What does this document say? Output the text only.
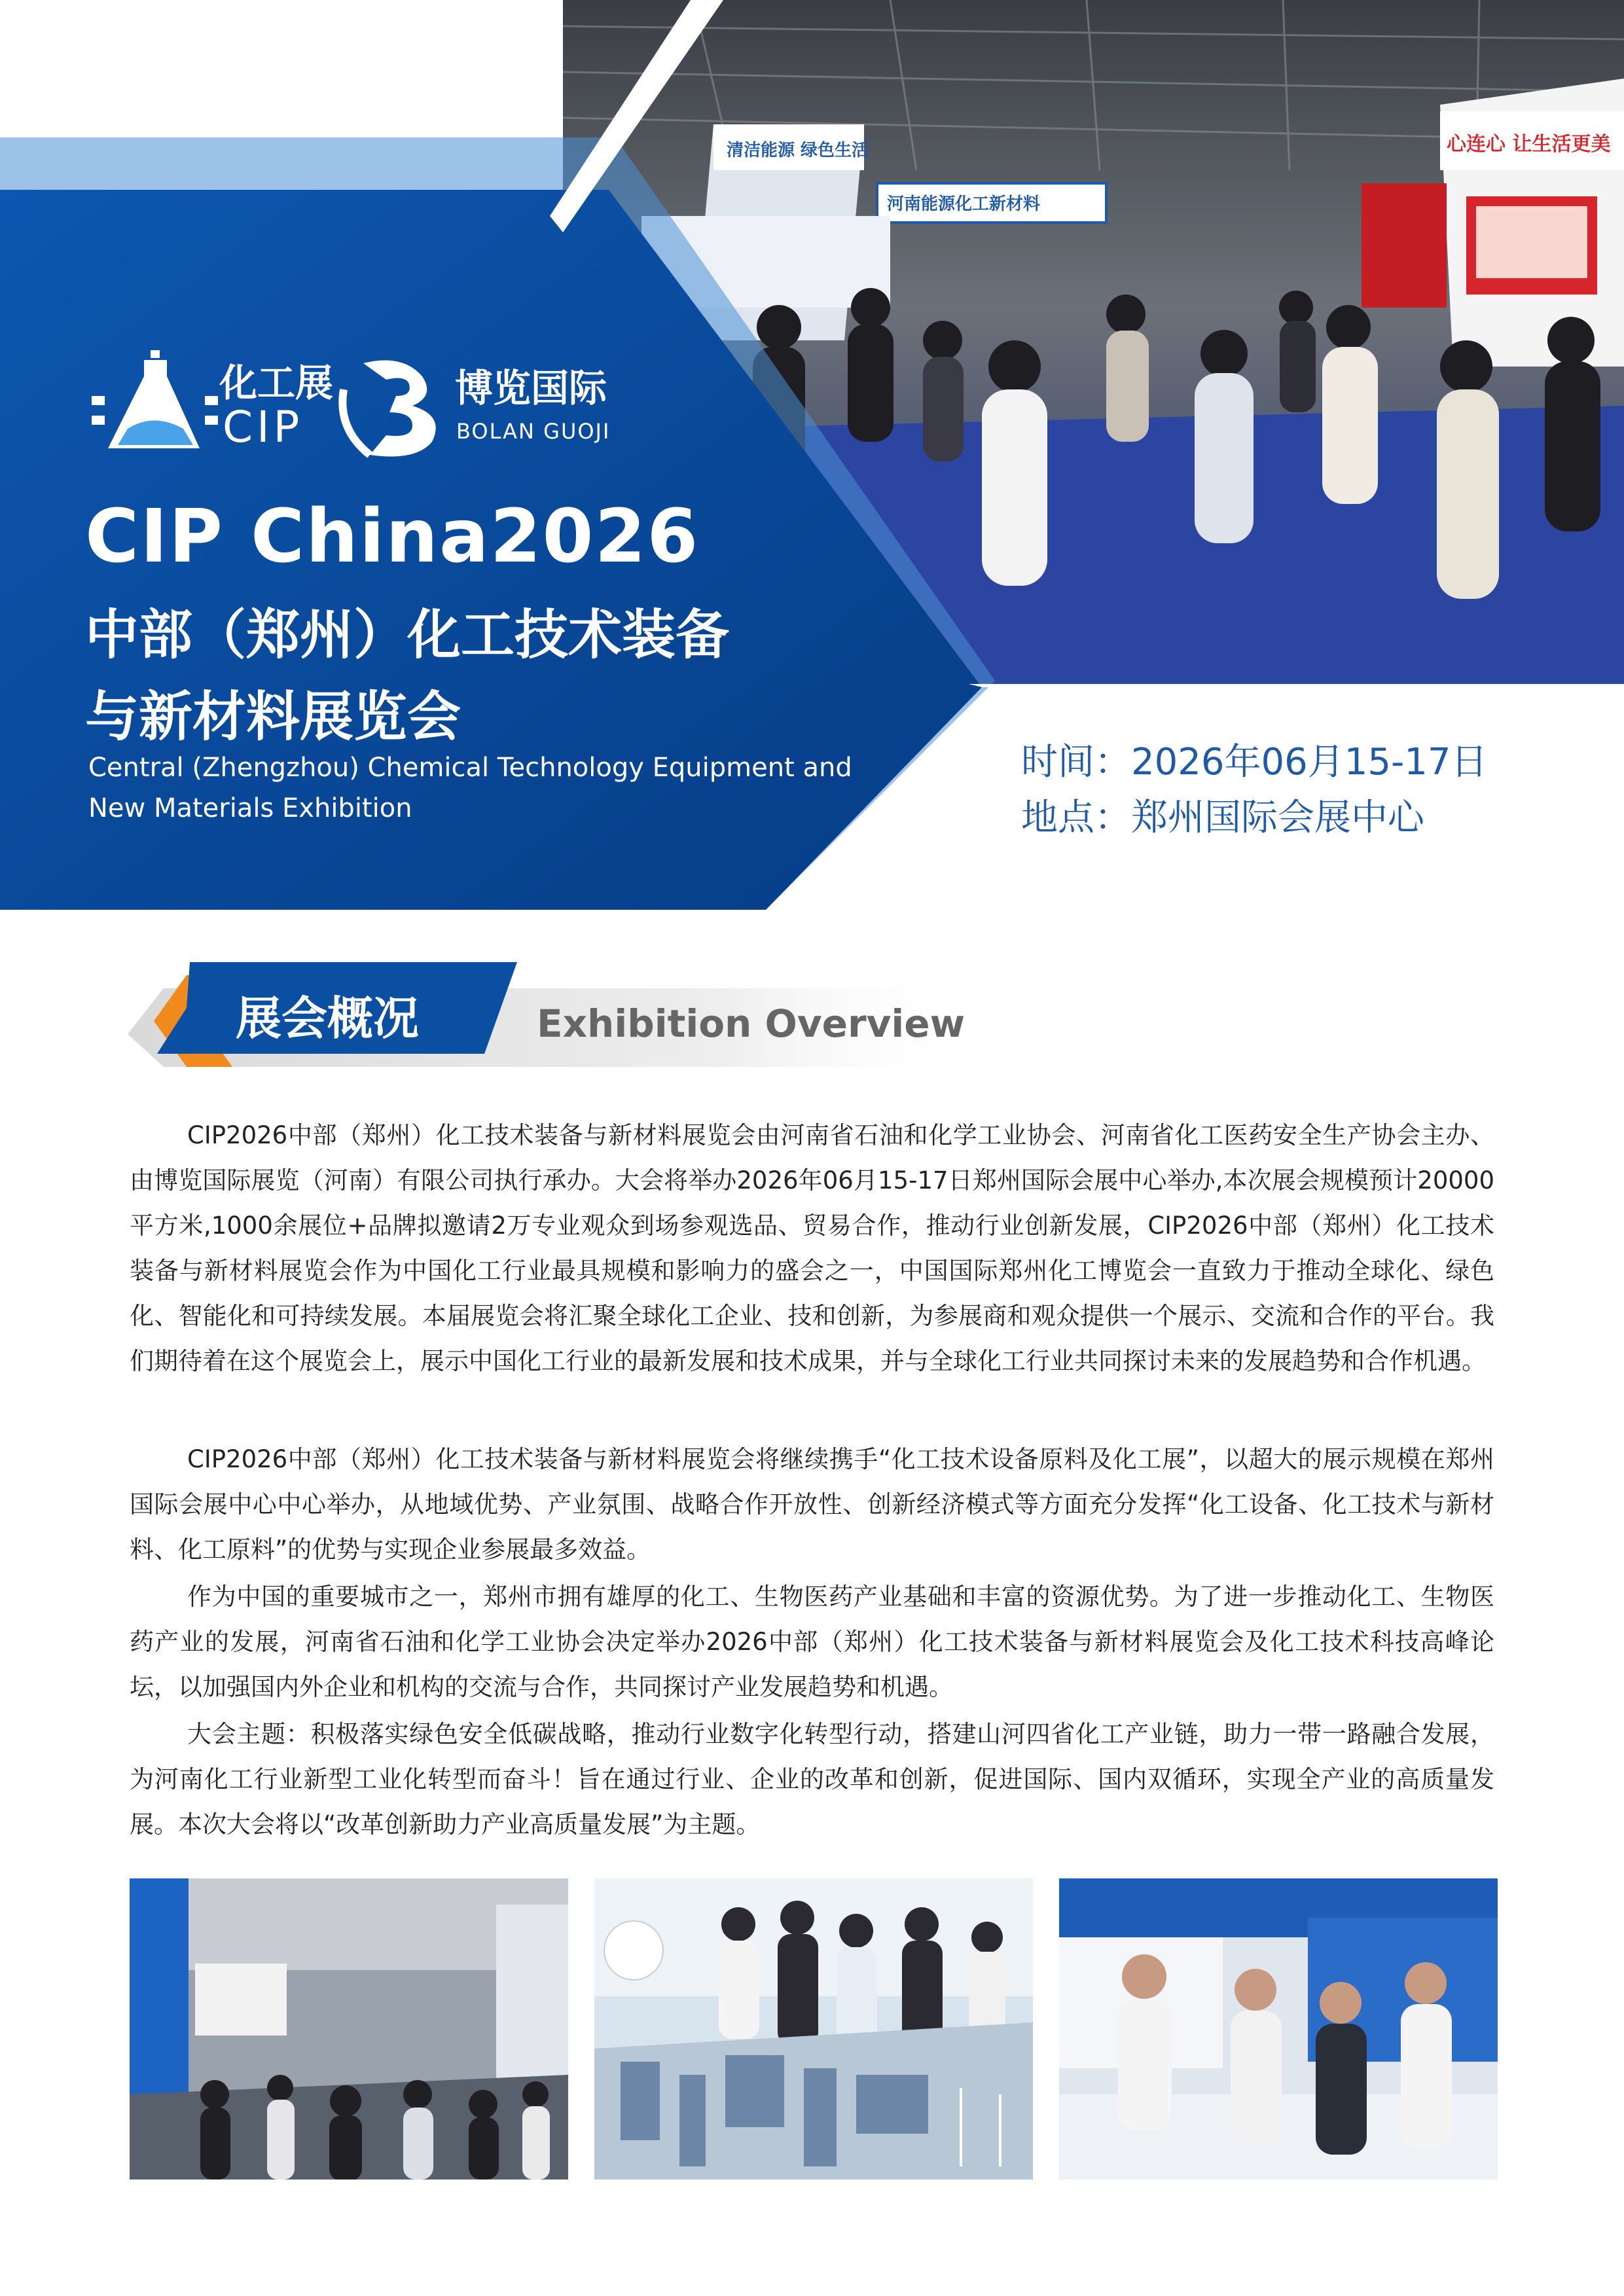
清洁能源 绿色生活
河南能源化工新材料
心连心 让生活更美
化工展
CIP
博览国际
BOLAN GUOJI
CIP China2026
中部（郑州）化工技术装备
与新材料展览会
Central (Zhengzhou) Chemical Technology Equipment and
New Materials Exhibition
时间：2026年06月15-17日
地点：郑州国际会展中心
展会概况	Exhibition Overview

CIP2026中部（郑州）化工技术装备与新材料展览会由河南省石油和化学工业协会、河南省化工医药安全生产协会主办、由博览国际展览（河南）有限公司执行承办。大会将举办2026年06月15-17日郑州国际会展中心举办,本次展会规模预计20000平方米,1000余展位+品牌拟邀请2万专业观众到场参观选品、贸易合作，推动行业创新发展，CIP2026中部（郑州）化工技术装备与新材料展览会作为中国化工行业最具规模和影响力的盛会之一，中国国际郑州化工博览会一直致力于推动全球化、绿色化、智能化和可持续发展。本届展览会将汇聚全球化工企业、技和创新，为参展商和观众提供一个展示、交流和合作的平台。我们期待着在这个展览会上，展示中国化工行业的最新发展和技术成果，并与全球化工行业共同探讨未来的发展趋势和合作机遇。

CIP2026中部（郑州）化工技术装备与新材料展览会将继续携手“化工技术设备原料及化工展”，以超大的展示规模在郑州国际会展中心中心举办，从地域优势、产业氛围、战略合作开放性、创新经济模式等方面充分发挥“化工设备、化工技术与新材料、化工原料”的优势与实现企业参展最多效益。

作为中国的重要城市之一，郑州市拥有雄厚的化工、生物医药产业基础和丰富的资源优势。为了进一步推动化工、生物医药产业的发展，河南省石油和化学工业协会决定举办2026中部（郑州）化工技术装备与新材料展览会及化工技术科技高峰论坛，以加强国内外企业和机构的交流与合作，共同探讨产业发展趋势和机遇。

大会主题：积极落实绿色安全低碳战略，推动行业数字化转型行动，搭建山河四省化工产业链，助力一带一路融合发展，为河南化工行业新型工业化转型而奋斗！旨在通过行业、企业的改革和创新，促进国际、国内双循环，实现全产业的高质量发展。本次大会将以“改革创新助力产业高质量发展”为主题。
